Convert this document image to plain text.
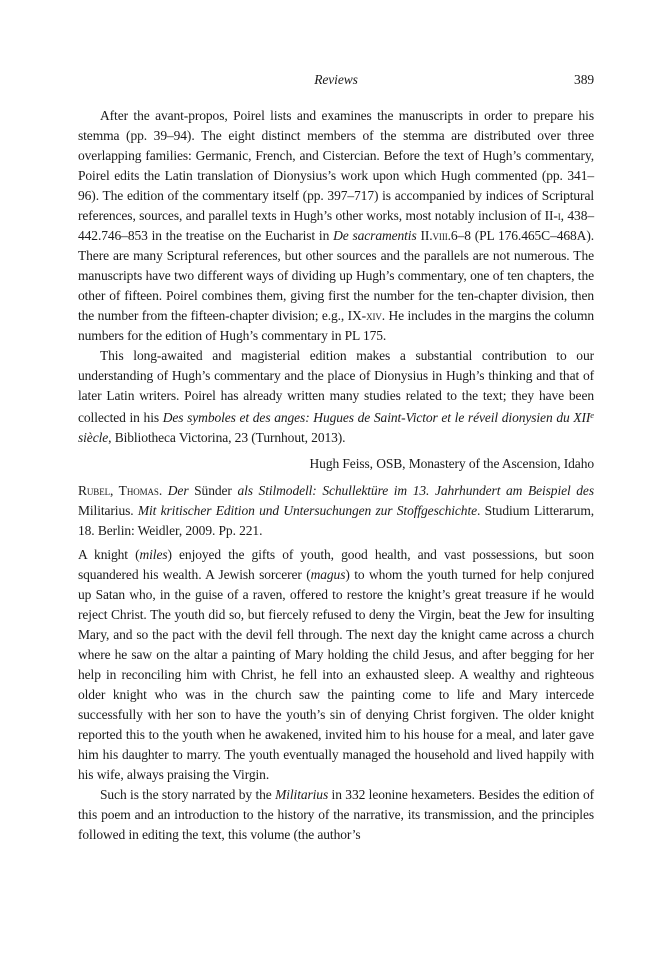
Reviews	389

After the avant-propos, Poirel lists and examines the manuscripts in order to prepare his stemma (pp. 39–94). The eight distinct members of the stemma are distributed over three overlapping families: Germanic, French, and Cistercian. Before the text of Hugh’s commentary, Poirel edits the Latin translation of Dionysius’s work upon which Hugh commented (pp. 341–96). The edition of the commentary itself (pp. 397–717) is accompanied by indices of Scriptural references, sources, and parallel texts in Hugh’s other works, most notably inclusion of II-i, 438–442.746–853 in the treatise on the Eucharist in De sacramentis II.viii.6–8 (PL 176.465C–468A). There are many Scriptural references, but other sources and the parallels are not numerous. The manuscripts have two different ways of dividing up Hugh’s commentary, one of ten chapters, the other of fifteen. Poirel combines them, giving first the number for the ten-chapter division, then the number from the fifteen-chapter division; e.g., IX-xiv. He includes in the margins the column numbers for the edition of Hugh’s commentary in PL 175.

This long-awaited and magisterial edition makes a substantial contribution to our understanding of Hugh’s commentary and the place of Dionysius in Hugh’s thinking and that of later Latin writers. Poirel has already written many studies related to the text; they have been collected in his Des symboles et des anges: Hugues de Saint-Victor et le réveil dionysien du XIIe siècle, Bibliotheca Victorina, 23 (Turnhout, 2013).

Hugh Feiss, OSB, Monastery of the Ascension, Idaho

Rubel, Thomas. Der Sünder als Stilmodell: Schullektüre im 13. Jahrhundert am Beispiel des Militarius. Mit kritischer Edition und Untersuchungen zur Stoffgeschichte. Studium Litterarum, 18. Berlin: Weidler, 2009. Pp. 221.

A knight (miles) enjoyed the gifts of youth, good health, and vast possessions, but soon squandered his wealth. A Jewish sorcerer (magus) to whom the youth turned for help conjured up Satan who, in the guise of a raven, offered to restore the knight’s great treasure if he would reject Christ. The youth did so, but fiercely refused to deny the Virgin, beat the Jew for insulting Mary, and so the pact with the devil fell through. The next day the knight came across a church where he saw on the altar a painting of Mary holding the child Jesus, and after begging for her help in reconciling him with Christ, he fell into an exhausted sleep. A wealthy and righteous older knight who was in the church saw the painting come to life and Mary intercede successfully with her son to have the youth’s sin of denying Christ forgiven. The older knight reported this to the youth when he awakened, invited him to his house for a meal, and later gave him his daughter to marry. The youth eventually managed the household and lived happily with his wife, always praising the Virgin.

Such is the story narrated by the Militarius in 332 leonine hexameters. Besides the edition of this poem and an introduction to the history of the narrative, its transmission, and the principles followed in editing the text, this volume (the author’s
